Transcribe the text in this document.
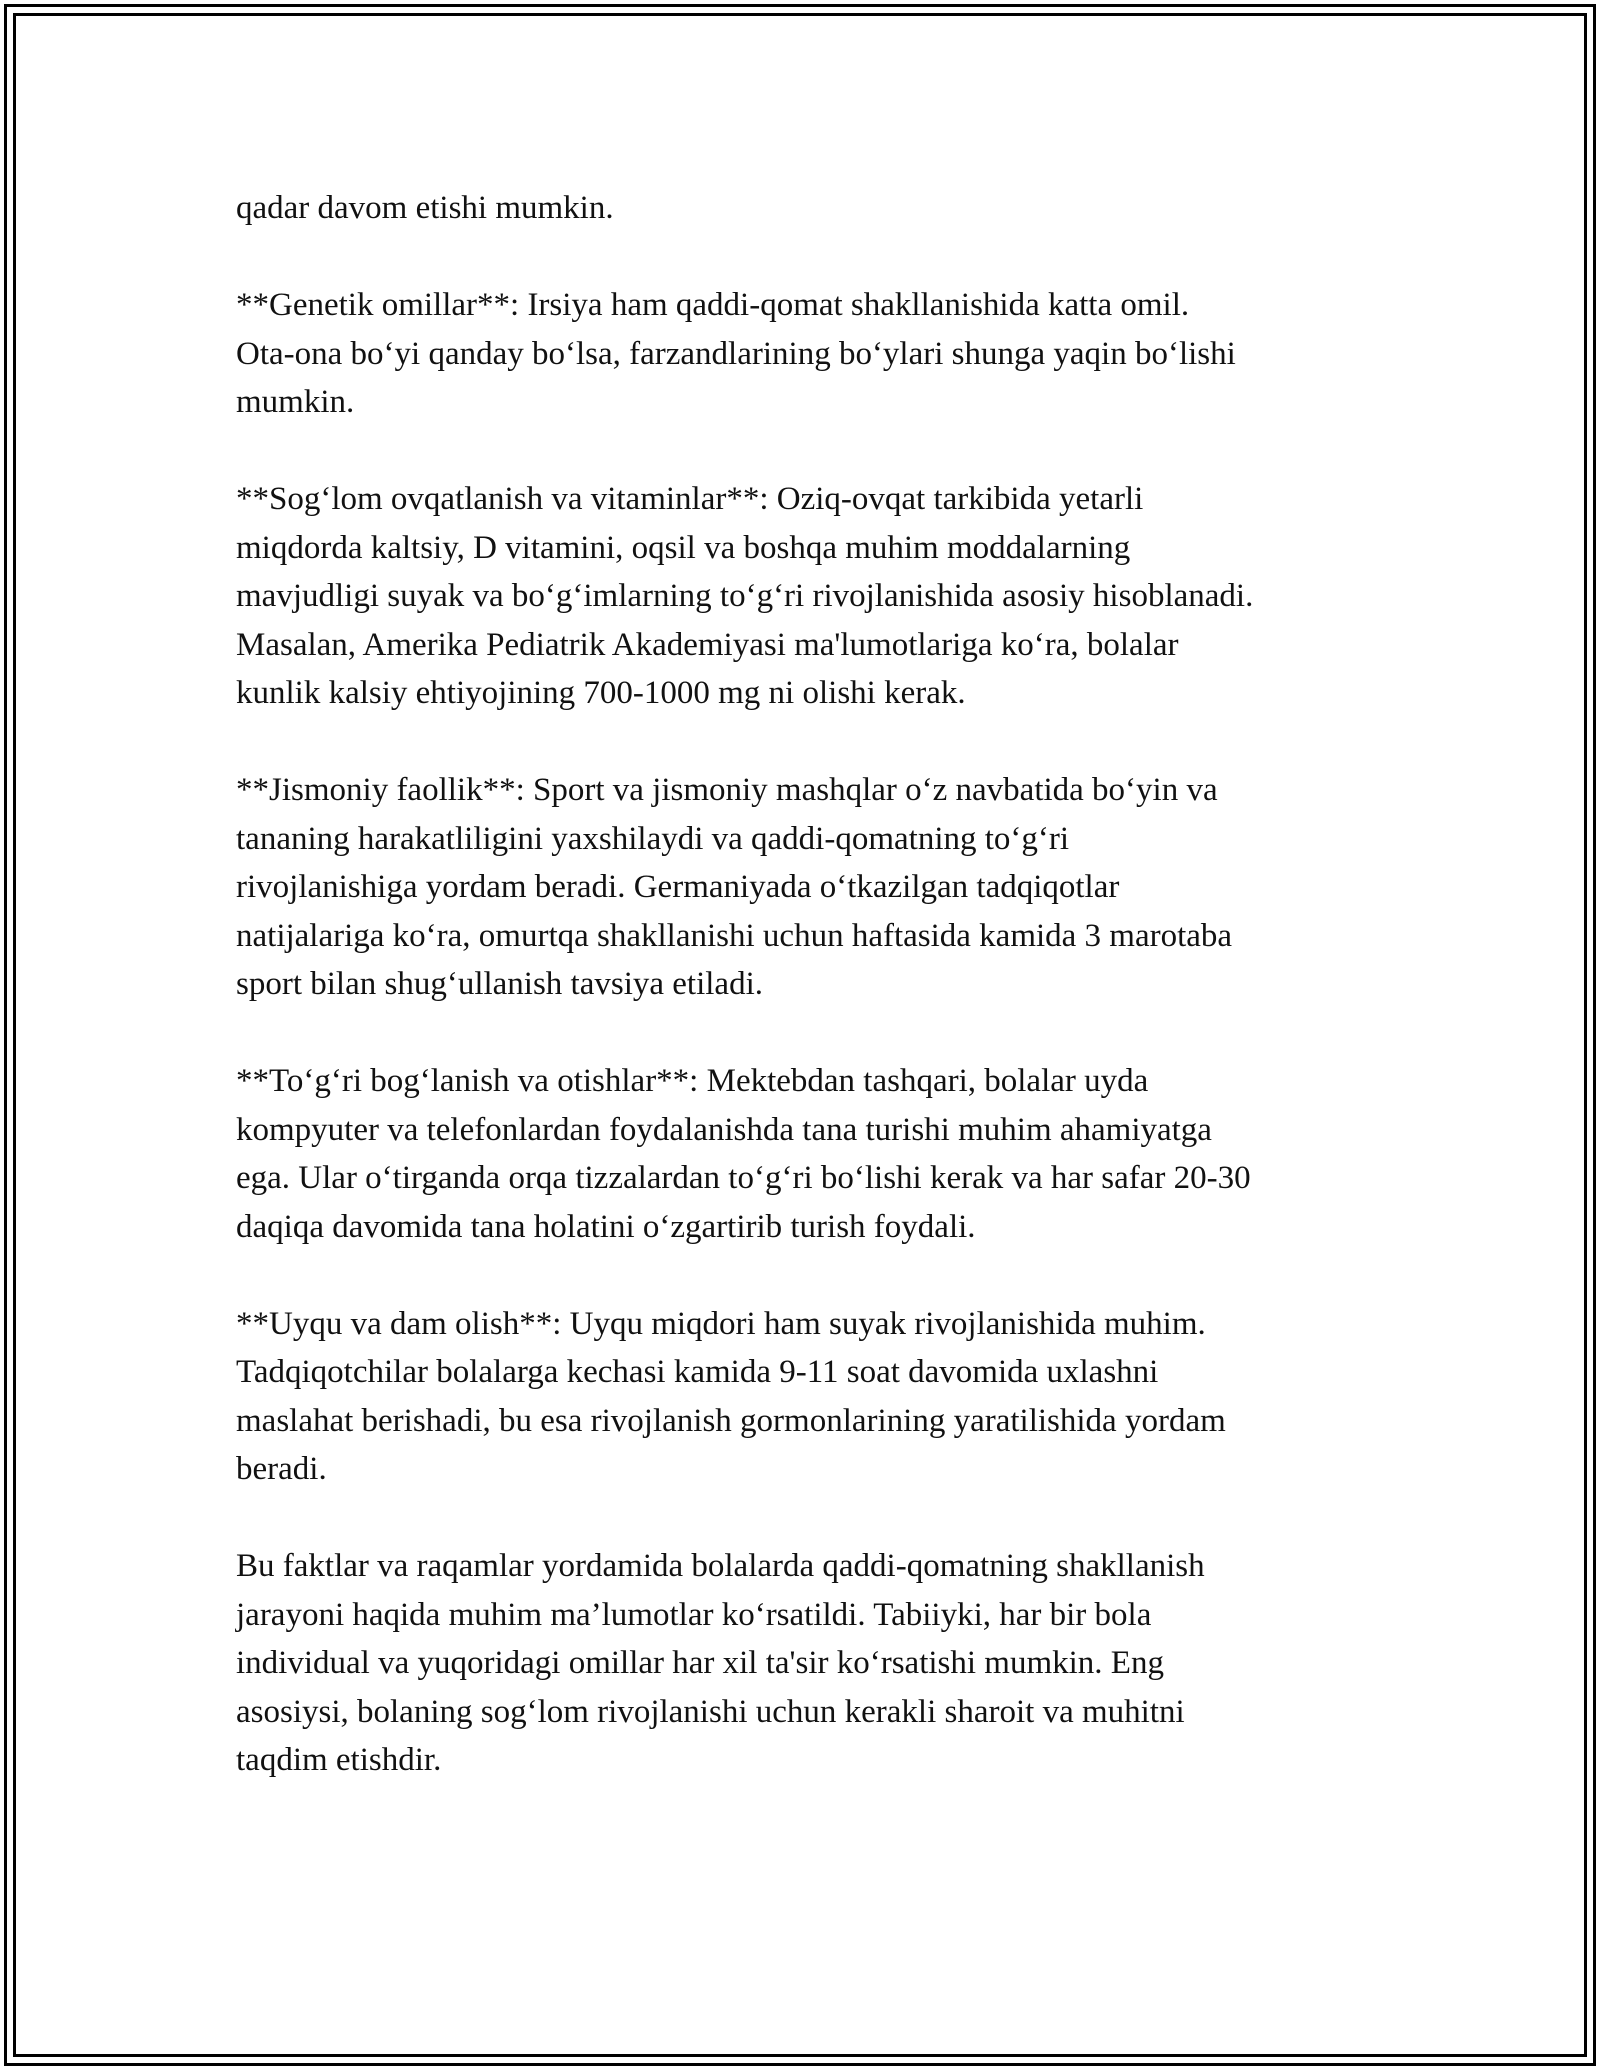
qadar davom etishi mumkin.

**Genetik omillar**: Irsiya ham qaddi-qomat shakllanishida katta omil.
Ota-ona bo‘yi qanday bo‘lsa, farzandlarining bo‘ylari shunga yaqin bo‘lishi
mumkin.

**Sog‘lom ovqatlanish va vitaminlar**: Oziq-ovqat tarkibida yetarli
miqdorda kaltsiy, D vitamini, oqsil va boshqa muhim moddalarning
mavjudligi suyak va bo‘g‘imlarning to‘g‘ri rivojlanishida asosiy hisoblanadi.
Masalan, Amerika Pediatrik Akademiyasi ma'lumotlariga ko‘ra, bolalar
kunlik kalsiy ehtiyojining 700-1000 mg ni olishi kerak.

**Jismoniy faollik**: Sport va jismoniy mashqlar o‘z navbatida bo‘yin va
tananing harakatliligini yaxshilaydi va qaddi-qomatning to‘g‘ri
rivojlanishiga yordam beradi. Germaniyada o‘tkazilgan tadqiqotlar
natijalariga ko‘ra, omurtqa shakllanishi uchun haftasida kamida 3 marotaba
sport bilan shug‘ullanish tavsiya etiladi.

**To‘g‘ri bog‘lanish va otishlar**: Mektebdan tashqari, bolalar uyda
kompyuter va telefonlardan foydalanishda tana turishi muhim ahamiyatga
ega. Ular o‘tirganda orqa tizzalardan to‘g‘ri bo‘lishi kerak va har safar 20-30
daqiqa davomida tana holatini o‘zgartirib turish foydali.

**Uyqu va dam olish**: Uyqu miqdori ham suyak rivojlanishida muhim.
Tadqiqotchilar bolalarga kechasi kamida 9-11 soat davomida uxlashni
maslahat berishadi, bu esa rivojlanish gormonlarining yaratilishida yordam
beradi.

Bu faktlar va raqamlar yordamida bolalarda qaddi-qomatning shakllanish
jarayoni haqida muhim ma’lumotlar ko‘rsatildi. Tabiiyki, har bir bola
individual va yuqoridagi omillar har xil ta'sir ko‘rsatishi mumkin. Eng
asosiysi, bolaning sog‘lom rivojlanishi uchun kerakli sharoit va muhitni
taqdim etishdir.
